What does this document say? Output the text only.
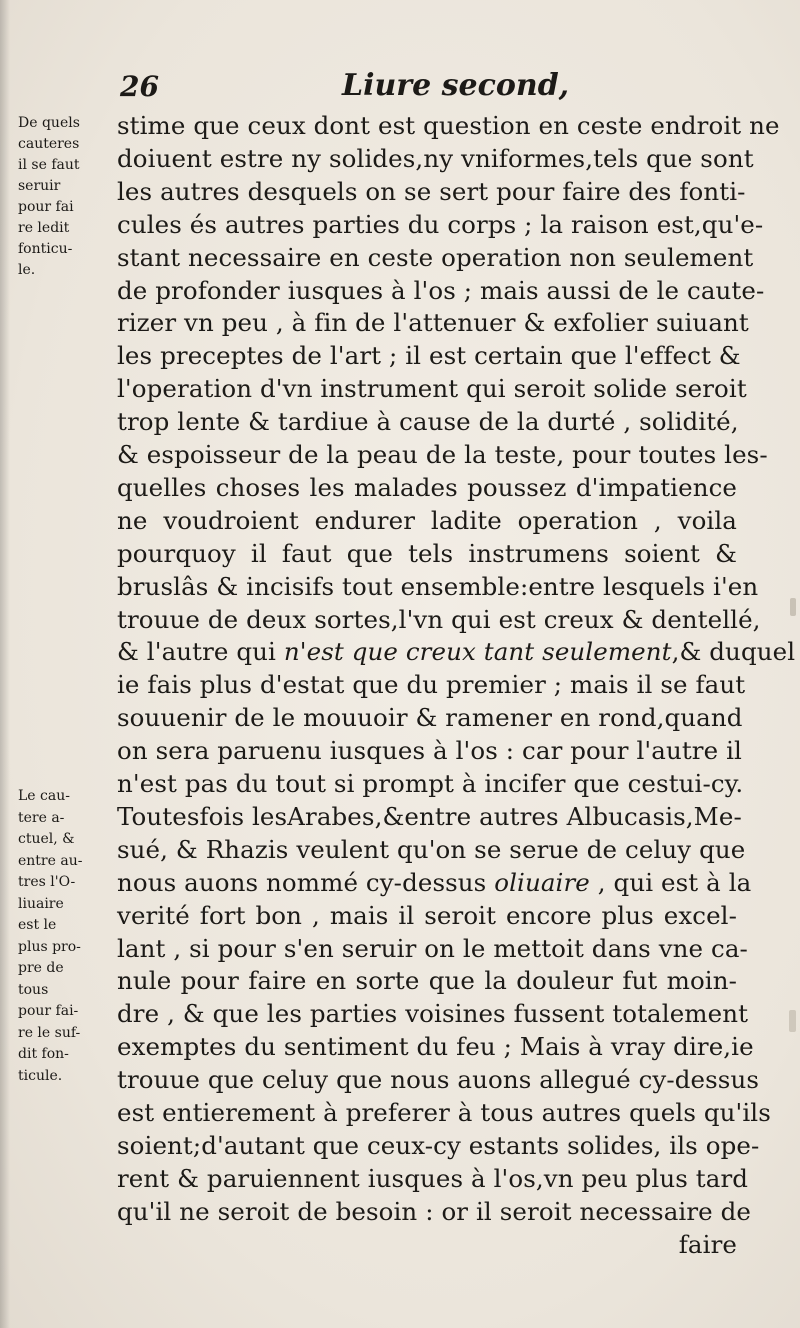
26	Liure second,
De quels
cauteres
il se faut
seruir
pour fai
re ledit
fonticu-
le.
Le cau-
tere a-
ctuel, &
entre au-
tres l'O-
liuaire
est le
plus pro-
pre de
tous
pour fai-
re le suf-
dit fon-
ticule.
stime que ceux dont est question en ceste endroit ne
doiuent estre ny solides,ny vniformes,tels que sont
les autres desquels on se sert pour faire des fonti-
cules és autres parties du corps ; la raison est,qu'e-
stant necessaire en ceste operation non seulement
de profonder iusques à l'os ; mais aussi de le caute-
rizer vn peu , à fin de l'attenuer & exfolier suiuant
les preceptes de l'art ; il est certain que l'effect &
l'operation d'vn instrument qui seroit solide seroit
trop lente & tardiue à cause de la durté , solidité,
& espoisseur de la peau de la teste, pour toutes les-
quelles choses les malades poussez d'impatience
ne voudroient endurer ladite operation , voila
pourquoy il faut que tels instrumens soient &
bruslâs & incisifs tout ensemble:entre lesquels i'en
trouue de deux sortes,l'vn qui est creux & dentellé,
& l'autre qui n'est que creux tant seulement,& duquel
ie fais plus d'estat que du premier ; mais il se faut
souuenir de le mouuoir & ramener en rond,quand
on sera paruenu iusques à l'os : car pour l'autre il
n'est pas du tout si prompt à incifer que cestui-cy.
Toutesfois lesArabes,&entre autres Albucasis,Me-
sué, & Rhazis veulent qu'on se serue de celuy que
nous auons nommé cy-dessus oliuaire , qui est à la
verité fort bon , mais il seroit encore plus excel-
lant , si pour s'en seruir on le mettoit dans vne ca-
nule pour faire en sorte que la douleur fut moin-
dre , & que les parties voisines fussent totalement
exemptes du sentiment du feu ; Mais à vray dire,ie
trouue que celuy que nous auons allegué cy-dessus
est entierement à preferer à tous autres quels qu'ils
soient;d'autant que ceux-cy estants solides, ils ope-
rent & paruiennent iusques à l'os,vn peu plus tard
qu'il ne seroit de besoin : or il seroit necessaire de
faire
